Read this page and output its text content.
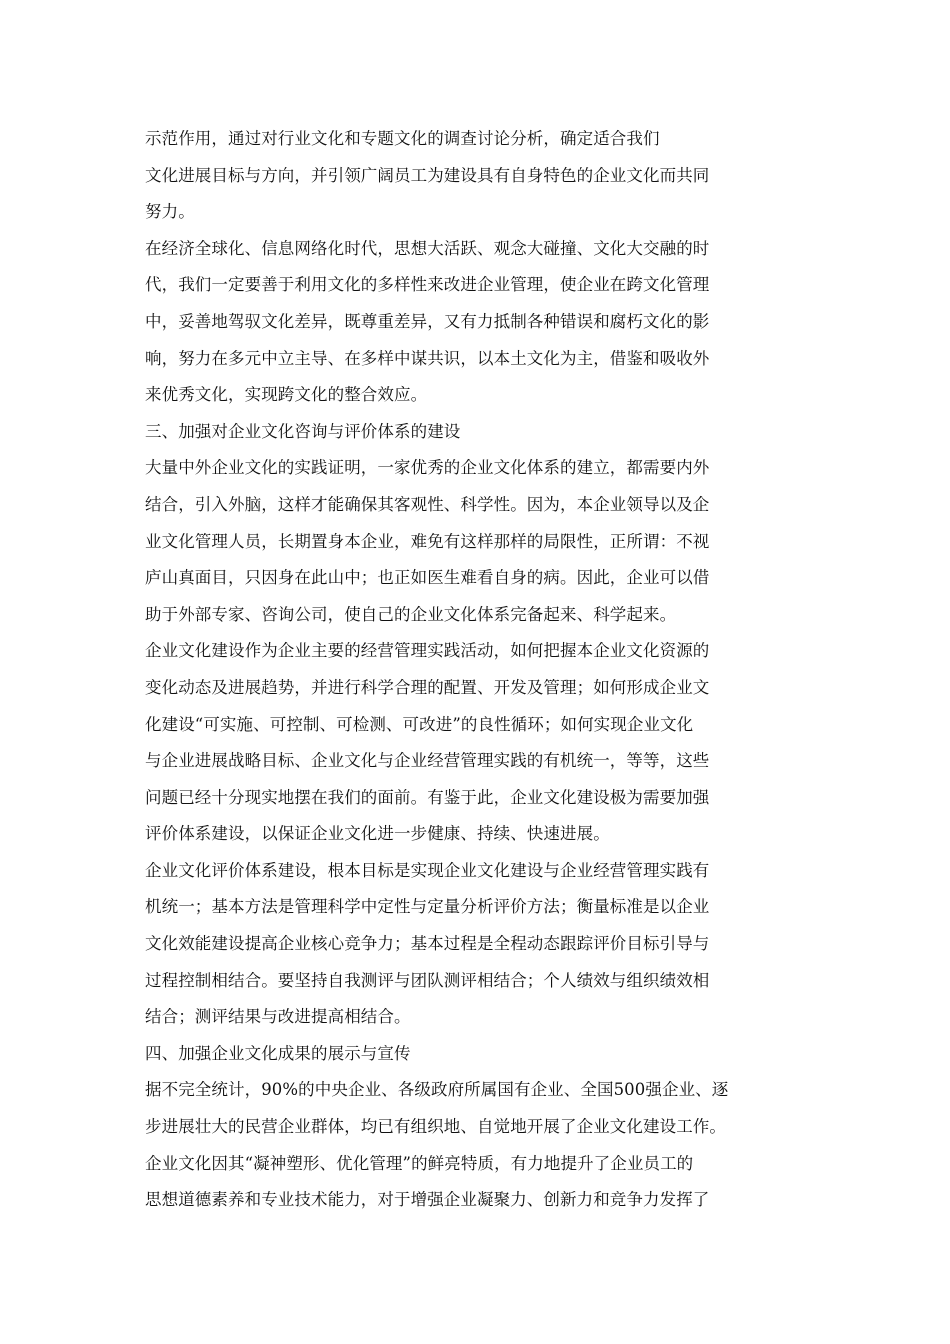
示范作用，通过对行业文化和专题文化的调查讨论分析，确定适合我们
文化进展目标与方向，并引领广阔员工为建设具有自身特色的企业文化而共同
努力。
在经济全球化、信息网络化时代，思想大活跃、观念大碰撞、文化大交融的时
代，我们一定要善于利用文化的多样性来改进企业管理，使企业在跨文化管理
中，妥善地驾驭文化差异，既尊重差异，又有力抵制各种错误和腐朽文化的影
响，努力在多元中立主导、在多样中谋共识，以本土文化为主，借鉴和吸收外
来优秀文化，实现跨文化的整合效应。
三、加强对企业文化咨询与评价体系的建设
大量中外企业文化的实践证明，一家优秀的企业文化体系的建立，都需要内外
结合，引入外脑，这样才能确保其客观性、科学性。因为，本企业领导以及企
业文化管理人员，长期置身本企业，难免有这样那样的局限性，正所谓：不视
庐山真面目，只因身在此山中；也正如医生难看自身的病。因此，企业可以借
助于外部专家、咨询公司，使自己的企业文化体系完备起来、科学起来。
企业文化建设作为企业主要的经营管理实践活动，如何把握本企业文化资源的
变化动态及进展趋势，并进行科学合理的配置、开发及管理；如何形成企业文
化建设“可实施、可控制、可检测、可改进”的良性循环；如何实现企业文化
与企业进展战略目标、企业文化与企业经营管理实践的有机统一，等等，这些
问题已经十分现实地摆在我们的面前。有鉴于此，企业文化建设极为需要加强
评价体系建设，以保证企业文化进一步健康、持续、快速进展。
企业文化评价体系建设，根本目标是实现企业文化建设与企业经营管理实践有
机统一；基本方法是管理科学中定性与定量分析评价方法；衡量标准是以企业
文化效能建设提高企业核心竞争力；基本过程是全程动态跟踪评价目标引导与
过程控制相结合。要坚持自我测评与团队测评相结合；个人绩效与组织绩效相
结合；测评结果与改进提高相结合。
四、加强企业文化成果的展示与宣传
据不完全统计，90%的中央企业、各级政府所属国有企业、全国500强企业、逐
步进展壮大的民营企业群体，均已有组织地、自觉地开展了企业文化建设工作。
企业文化因其“凝神塑形、优化管理”的鲜亮特质，有力地提升了企业员工的
思想道德素养和专业技术能力，对于增强企业凝聚力、创新力和竞争力发挥了
